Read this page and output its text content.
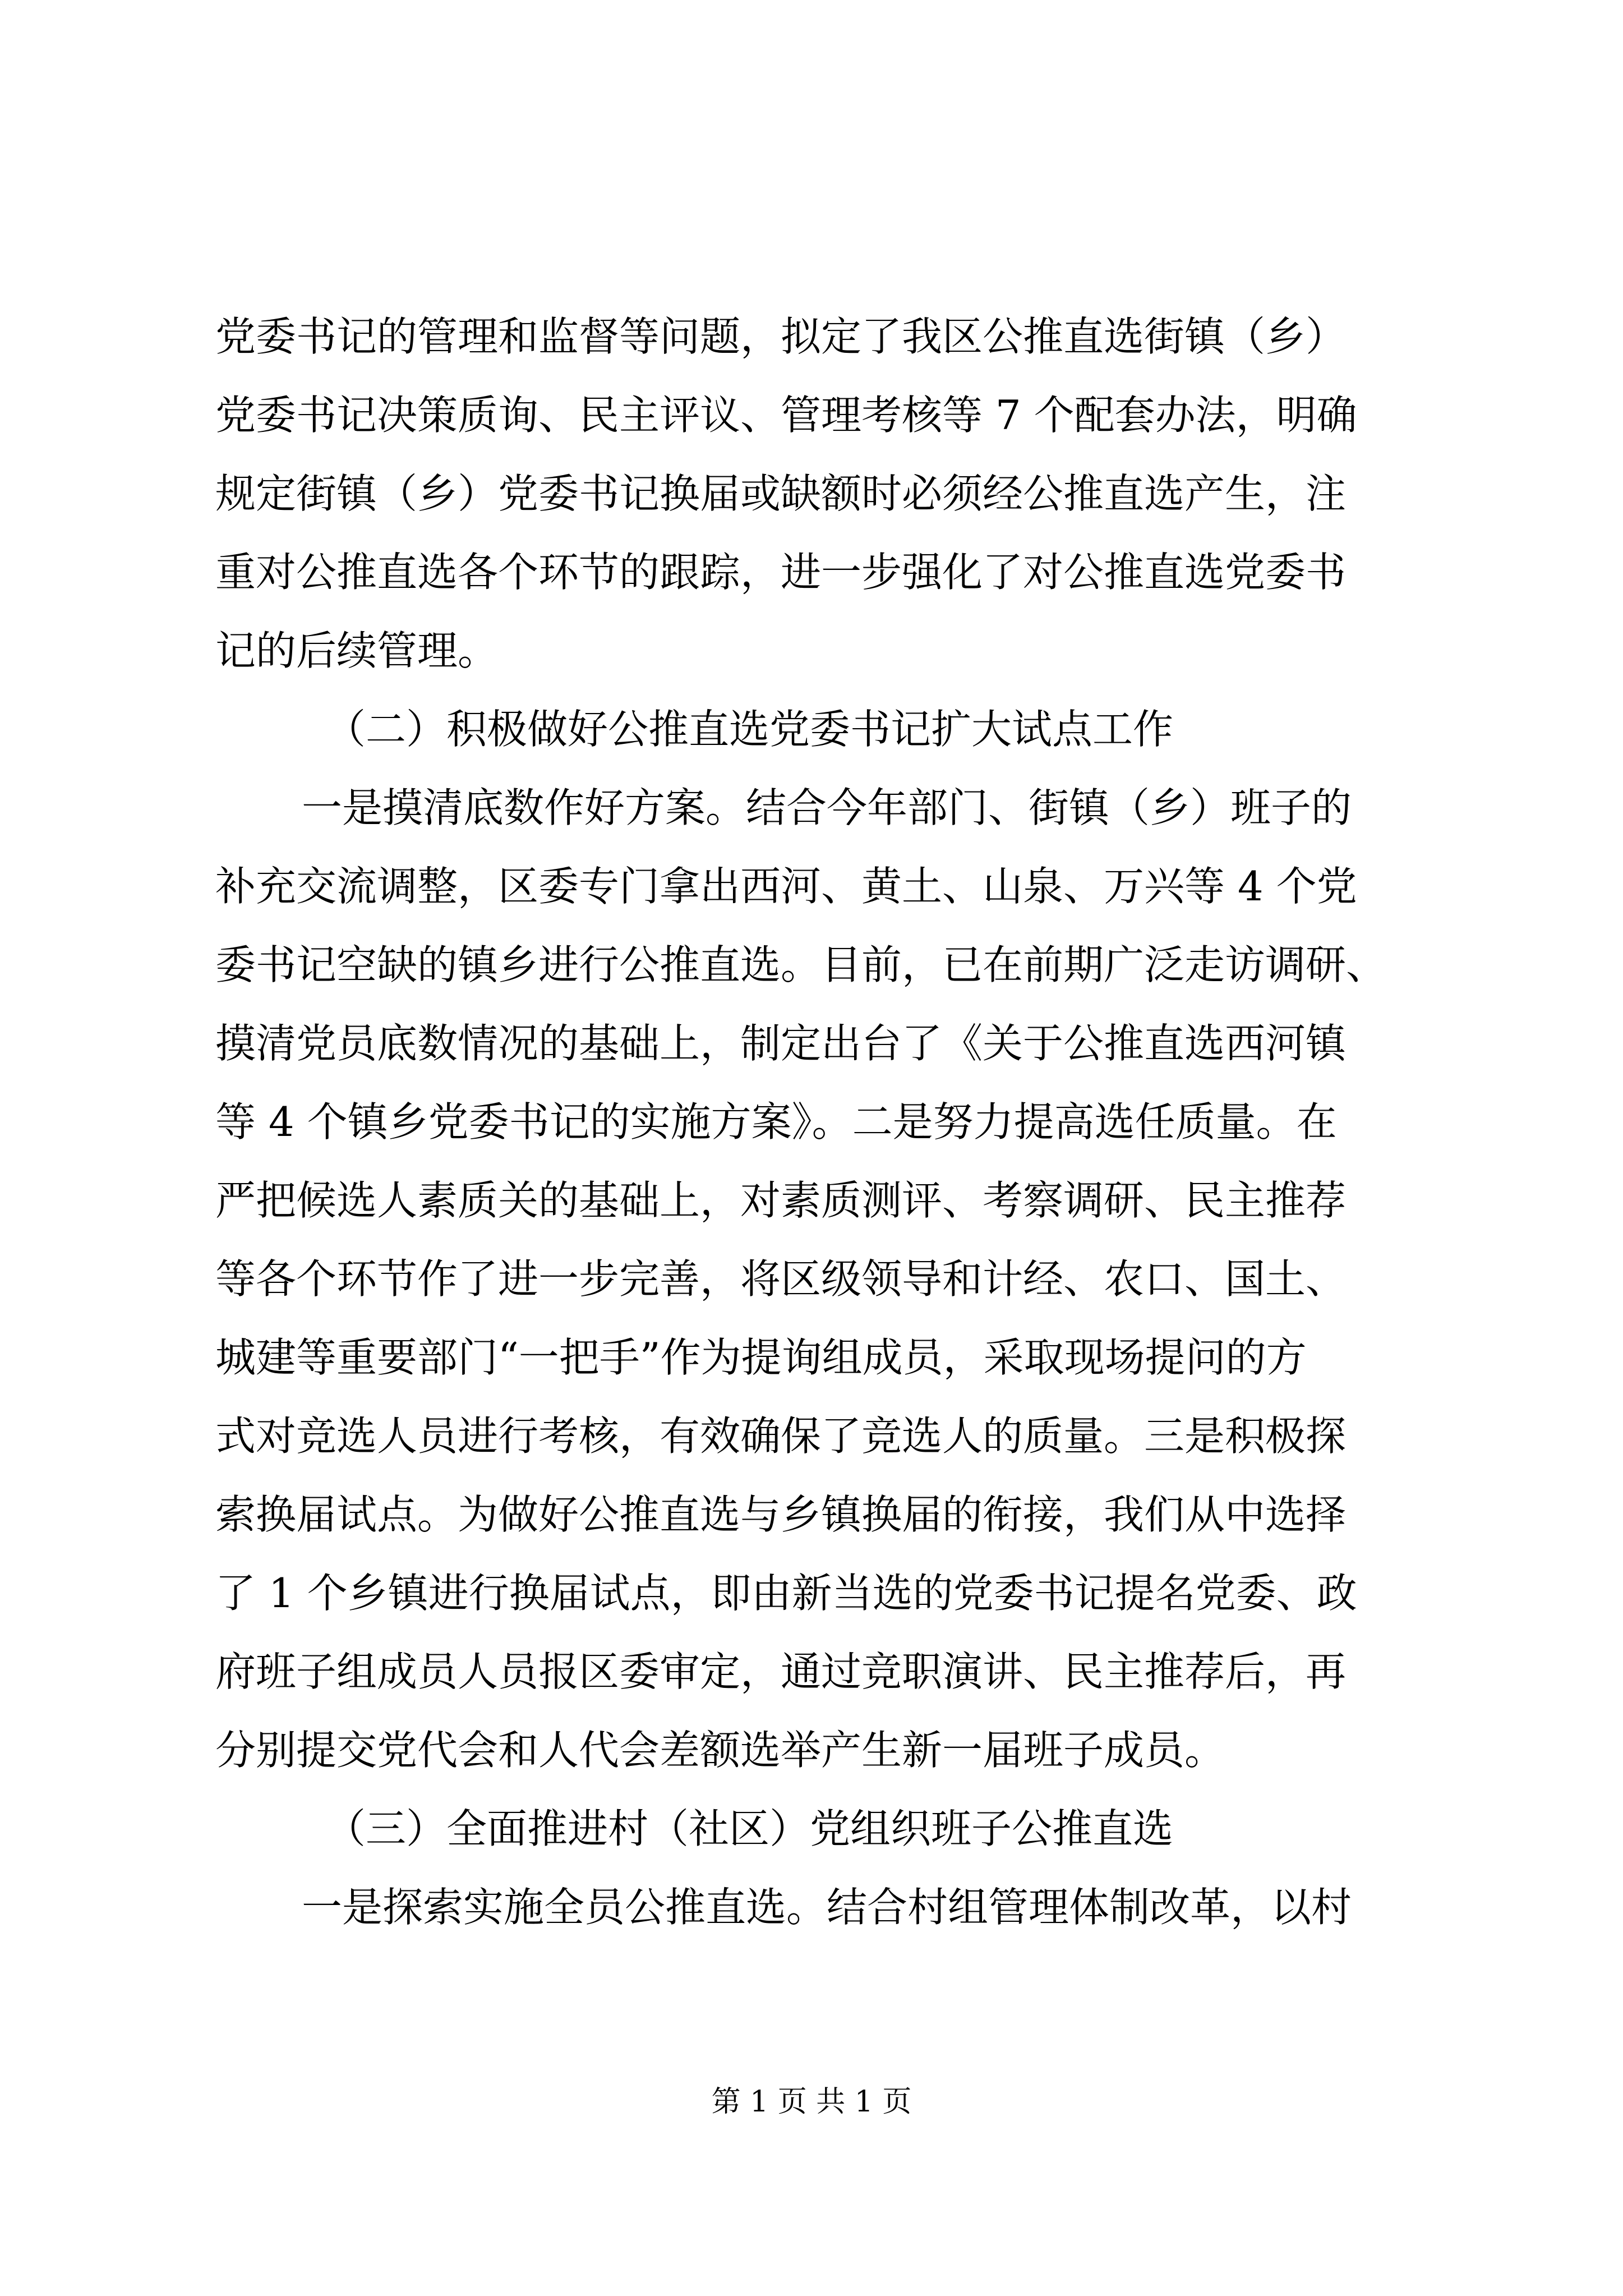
党委书记的管理和监督等问题，拟定了我区公推直选街镇（乡）
党委书记决策质询、民主评议、管理考核等 7 个配套办法，明确
规定街镇（乡）党委书记换届或缺额时必须经公推直选产生，注
重对公推直选各个环节的跟踪，进一步强化了对公推直选党委书
记的后续管理。
（二）积极做好公推直选党委书记扩大试点工作
一是摸清底数作好方案。结合今年部门、街镇（乡）班子的
补充交流调整，区委专门拿出西河、黄土、山泉、万兴等 4 个党
委书记空缺的镇乡进行公推直选。目前，已在前期广泛走访调研、
摸清党员底数情况的基础上，制定出台了《关于公推直选西河镇
等 4 个镇乡党委书记的实施方案》。二是努力提高选任质量。在
严把候选人素质关的基础上，对素质测评、考察调研、民主推荐
等各个环节作了进一步完善，将区级领导和计经、农口、国土、
城建等重要部门“一把手”作为提询组成员，采取现场提问的方
式对竞选人员进行考核，有效确保了竞选人的质量。三是积极探
索换届试点。为做好公推直选与乡镇换届的衔接，我们从中选择
了 1 个乡镇进行换届试点，即由新当选的党委书记提名党委、政
府班子组成员人员报区委审定，通过竞职演讲、民主推荐后，再
分别提交党代会和人代会差额选举产生新一届班子成员。
（三）全面推进村（社区）党组织班子公推直选
一是探索实施全员公推直选。结合村组管理体制改革，以村
第 1 页 共 1 页
